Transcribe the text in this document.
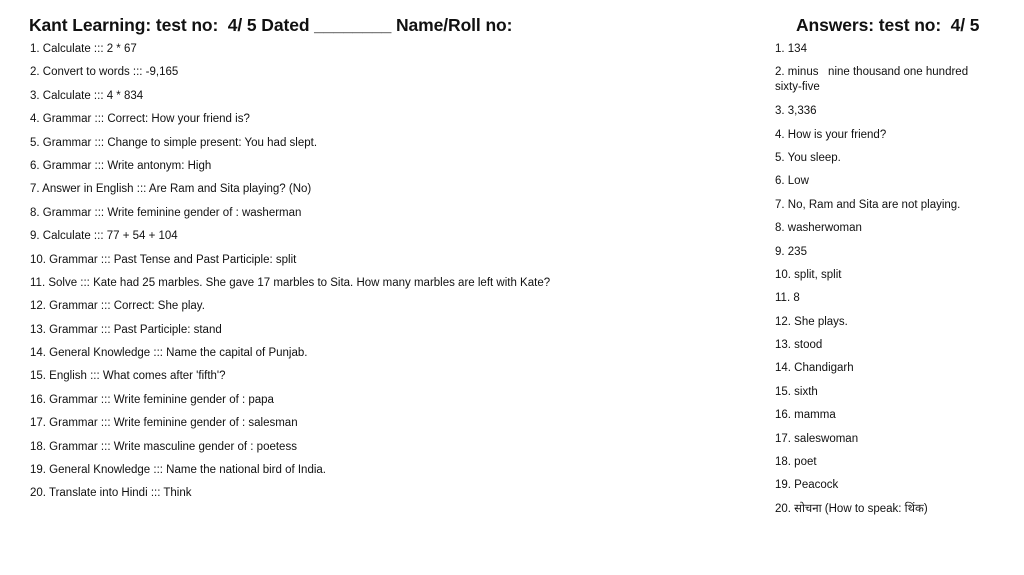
Kant Learning: test no:  4/ 5 Dated ________ Name/Roll no:	Answers: test no:  4/ 5
1. Calculate ::: 2 * 67
2. Convert to words ::: -9,165
3. Calculate ::: 4 * 834
4. Grammar ::: Correct: How your friend is?
5. Grammar ::: Change to simple present: You had slept.
6. Grammar ::: Write antonym: High
7. Answer in English ::: Are Ram and Sita playing? (No)
8. Grammar ::: Write feminine gender of : washerman
9. Calculate ::: 77 + 54 + 104
10. Grammar ::: Past Tense and Past Participle: split
11. Solve ::: Kate had 25 marbles. She gave 17 marbles to Sita. How many marbles are left with Kate?
12. Grammar ::: Correct: She play.
13. Grammar ::: Past Participle: stand
14. General Knowledge ::: Name the capital of Punjab.
15. English ::: What comes after 'fifth'?
16. Grammar ::: Write feminine gender of : papa
17. Grammar ::: Write feminine gender of : salesman
18. Grammar ::: Write masculine gender of : poetess
19. General Knowledge ::: Name the national bird of India.
20. Translate into Hindi ::: Think
1. 134
2. minus   nine thousand one hundred sixty-five
3. 3,336
4. How is your friend?
5. You sleep.
6. Low
7. No, Ram and Sita are not playing.
8. washerwoman
9. 235
10. split, split
11. 8
12. She plays.
13. stood
14. Chandigarh
15. sixth
16. mamma
17. saleswoman
18. poet
19. Peacock
20. सोचना (How to speak: थिंक)
